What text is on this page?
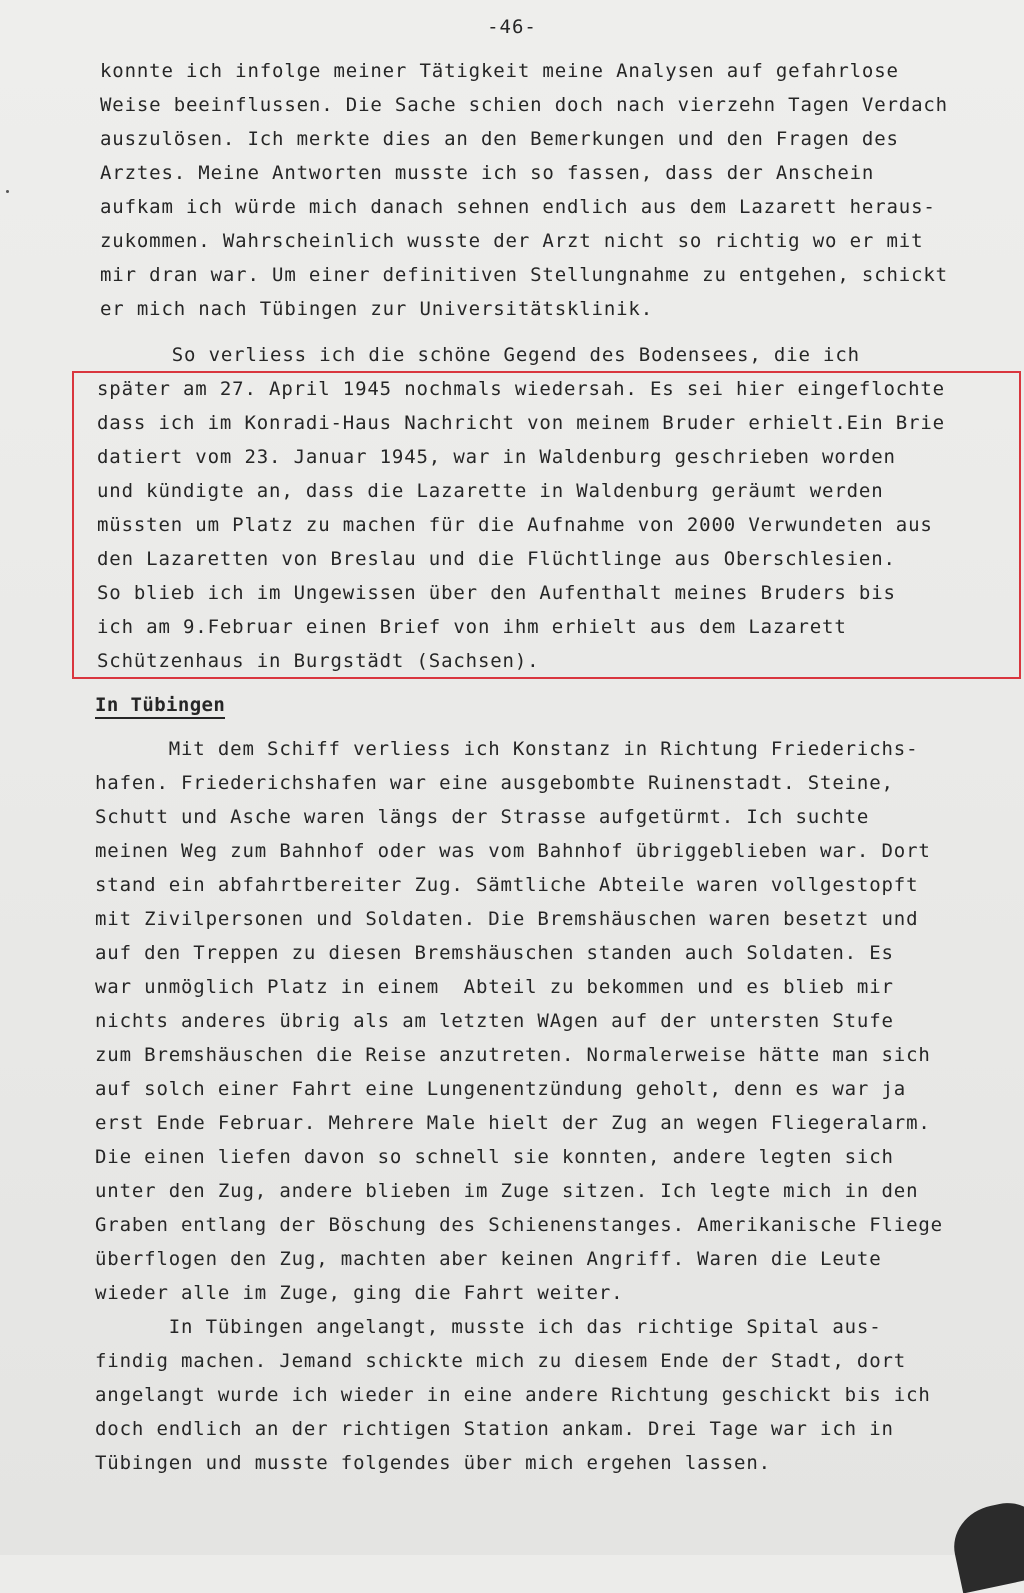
-46-
konnte ich infolge meiner Tätigkeit meine Analysen auf gefahrlose
Weise beeinflussen. Die Sache schien doch nach vierzehn Tagen Verdach
auszulösen. Ich merkte dies an den Bemerkungen und den Fragen des
Arztes. Meine Antworten musste ich so fassen, dass der Anschein
aufkam ich würde mich danach sehnen endlich aus dem Lazarett heraus-
zukommen. Wahrscheinlich wusste der Arzt nicht so richtig wo er mit
mir dran war. Um einer definitiven Stellungnahme zu entgehen, schickt
er mich nach Tübingen zur Universitätsklinik.
So verliess ich die schöne Gegend des Bodensees, die ich
später am 27. April 1945 nochmals wiedersah. Es sei hier eingeflochte
dass ich im Konradi-Haus Nachricht von meinem Bruder erhielt.Ein Brie
datiert vom 23. Januar 1945, war in Waldenburg geschrieben worden
und kündigte an, dass die Lazarette in Waldenburg geräumt werden
müssten um Platz zu machen für die Aufnahme von 2000 Verwundeten aus
den Lazaretten von Breslau und die Flüchtlinge aus Oberschlesien.
So blieb ich im Ungewissen über den Aufenthalt meines Bruders bis
ich am 9.Februar einen Brief von ihm erhielt aus dem Lazarett
Schützenhaus in Burgstädt (Sachsen).
In Tübingen
Mit dem Schiff verliess ich Konstanz in Richtung Friederichs-
hafen. Friederichshafen war eine ausgebombte Ruinenstadt. Steine,
Schutt und Asche waren längs der Strasse aufgetürmt. Ich suchte
meinen Weg zum Bahnhof oder was vom Bahnhof übriggeblieben war. Dort
stand ein abfahrtbereiter Zug. Sämtliche Abteile waren vollgestopft
mit Zivilpersonen und Soldaten. Die Bremshäuschen waren besetzt und
auf den Treppen zu diesen Bremshäuschen standen auch Soldaten. Es
war unmöglich Platz in einem  Abteil zu bekommen und es blieb mir
nichts anderes übrig als am letzten WAgen auf der untersten Stufe
zum Bremshäuschen die Reise anzutreten. Normalerweise hätte man sich
auf solch einer Fahrt eine Lungenentzündung geholt, denn es war ja
erst Ende Februar. Mehrere Male hielt der Zug an wegen Fliegeralarm.
Die einen liefen davon so schnell sie konnten, andere legten sich
unter den Zug, andere blieben im Zuge sitzen. Ich legte mich in den
Graben entlang der Böschung des Schienenstanges. Amerikanische Fliege
überflogen den Zug, machten aber keinen Angriff. Waren die Leute
wieder alle im Zuge, ging die Fahrt weiter.
In Tübingen angelangt, musste ich das richtige Spital aus-
findig machen. Jemand schickte mich zu diesem Ende der Stadt, dort
angelangt wurde ich wieder in eine andere Richtung geschickt bis ich
doch endlich an der richtigen Station ankam. Drei Tage war ich in
Tübingen und musste folgendes über mich ergehen lassen.
